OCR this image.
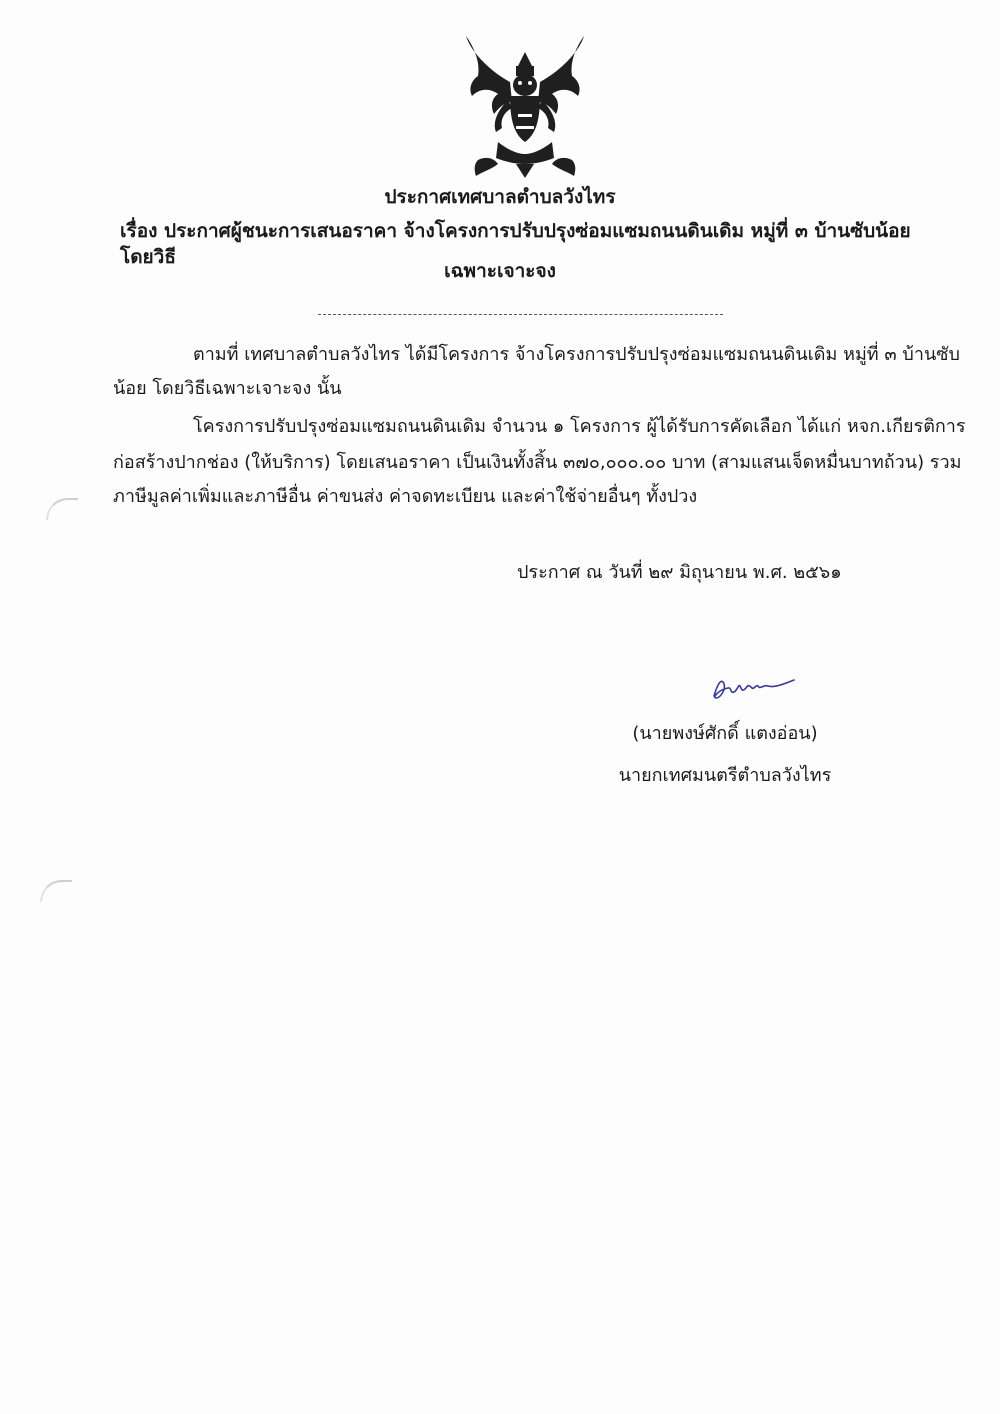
ประกาศเทศบาลตำบลวังไทร
เรื่อง ประกาศผู้ชนะการเสนอราคา จ้างโครงการปรับปรุงซ่อมแซมถนนดินเดิม หมู่ที่ ๓ บ้านซับน้อย โดยวิธี
เฉพาะเจาะจง
ตามที่ เทศบาลตำบลวังไทร ได้มีโครงการ จ้างโครงการปรับปรุงซ่อมแซมถนนดินเดิม หมู่ที่ ๓ บ้านซับ
น้อย โดยวิธีเฉพาะเจาะจง นั้น
โครงการปรับปรุงซ่อมแซมถนนดินเดิม จำนวน ๑ โครงการ ผู้ได้รับการคัดเลือก ได้แก่ หจก.เกียรติการ
ก่อสร้างปากช่อง (ให้บริการ) โดยเสนอราคา เป็นเงินทั้งสิ้น ๓๗๐,๐๐๐.๐๐ บาท (สามแสนเจ็ดหมื่นบาทถ้วน) รวม
ภาษีมูลค่าเพิ่มและภาษีอื่น ค่าขนส่ง ค่าจดทะเบียน และค่าใช้จ่ายอื่นๆ ทั้งปวง
ประกาศ ณ วันที่ ๒๙ มิถุนายน พ.ศ. ๒๕๖๑
(นายพงษ์ศักดิ์ แตงอ่อน)
นายกเทศมนตรีตำบลวังไทร
